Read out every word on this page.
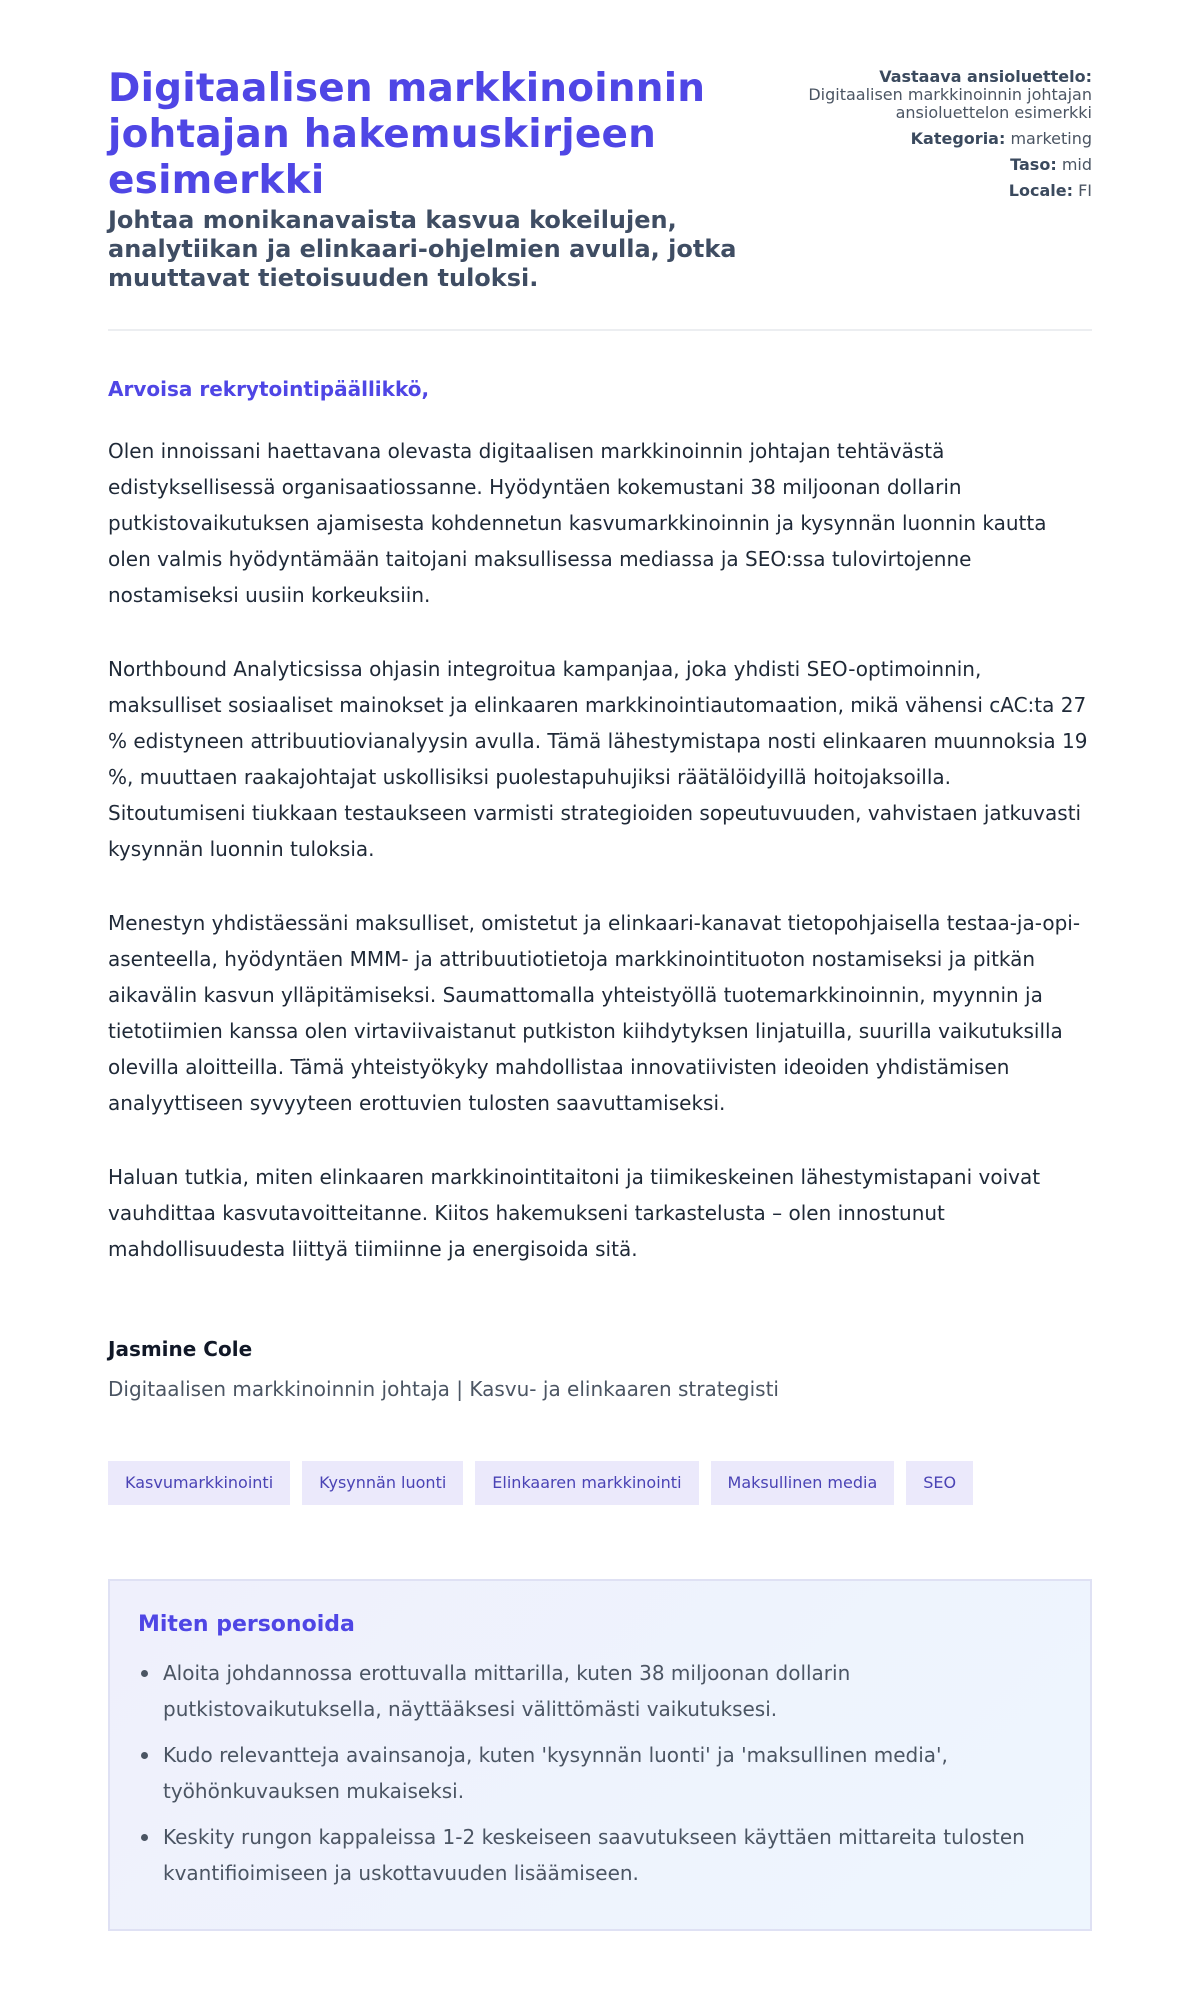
Digitaalisen markkinoinnin johtajan hakemuskirjeen esimerkki
Johtaa monikanavaista kasvua kokeilujen, analytiikan ja elinkaari-ohjelmien avulla, jotka muuttavat tietoisuuden tuloksi.
Vastaava ansioluettelo:
Digitaalisen markkinoinnin johtajan ansioluettelon esimerkki
Kategoria: marketing
Taso: mid
Locale: FI

Arvoisa rekrytointipäällikkö,

Olen innoissani haettavana olevasta digitaalisen markkinoinnin johtajan tehtävästä edistyksellisessä organisaatiossanne. Hyödyntäen kokemustani 38 miljoonan dollarin putkistovaikutuksen ajamisesta kohdennetun kasvumarkkinoinnin ja kysynnän luonnin kautta olen valmis hyödyntämään taitojani maksullisessa mediassa ja SEO:ssa tulovirtojenne nostamiseksi uusiin korkeuksiin.

Northbound Analyticsissa ohjasin integroitua kampanjaa, joka yhdisti SEO-optimoinnin, maksulliset sosiaaliset mainokset ja elinkaaren markkinointiautomaation, mikä vähensi cAC:ta 27 % edistyneen attribuutiovianalyysin avulla. Tämä lähestymistapa nosti elinkaaren muunnoksia 19 %, muuttaen raakajohtajat uskollisiksi puolestapuhujiksi räätälöidyillä hoitojaksoilla. Sitoutumiseni tiukkaan testaukseen varmisti strategioiden sopeutuvuuden, vahvistaen jatkuvasti kysynnän luonnin tuloksia.

Menestyn yhdistäessäni maksulliset, omistetut ja elinkaari-kanavat tietopohjaisella testaa-ja-opi-asenteella, hyödyntäen MMM- ja attribuutiotietoja markkinointituoton nostamiseksi ja pitkän aikavälin kasvun ylläpitämiseksi. Saumattomalla yhteistyöllä tuotemarkkinoinnin, myynnin ja tietotiimien kanssa olen virtaviivaistanut putkiston kiihdytyksen linjatuilla, suurilla vaikutuksilla olevilla aloitteilla. Tämä yhteistyökyky mahdollistaa innovatiivisten ideoiden yhdistämisen analyyttiseen syvyyteen erottuvien tulosten saavuttamiseksi.

Haluan tutkia, miten elinkaaren markkinointitaitoni ja tiimikeskeinen lähestymistapani voivat vauhdittaa kasvutavoitteitanne. Kiitos hakemukseni tarkastelusta – olen innostunut mahdollisuudesta liittyä tiimiinne ja energisoida sitä.

Jasmine Cole
Digitaalisen markkinoinnin johtaja | Kasvu- ja elinkaaren strategisti
Kasvumarkkinointi	Kysynnän luonti	Elinkaaren markkinointi	Maksullinen media	SEO
Miten personoida
Aloita johdannossa erottuvalla mittarilla, kuten 38 miljoonan dollarin putkistovaikutuksella, näyttääksesi välittömästi vaikutuksesi.
Kudo relevantteja avainsanoja, kuten 'kysynnän luonti' ja 'maksullinen media', työhönkuvauksen mukaiseksi.
Keskity rungon kappaleissa 1-2 keskeiseen saavutukseen käyttäen mittareita tulosten kvantifioimiseen ja uskottavuuden lisäämiseen.
